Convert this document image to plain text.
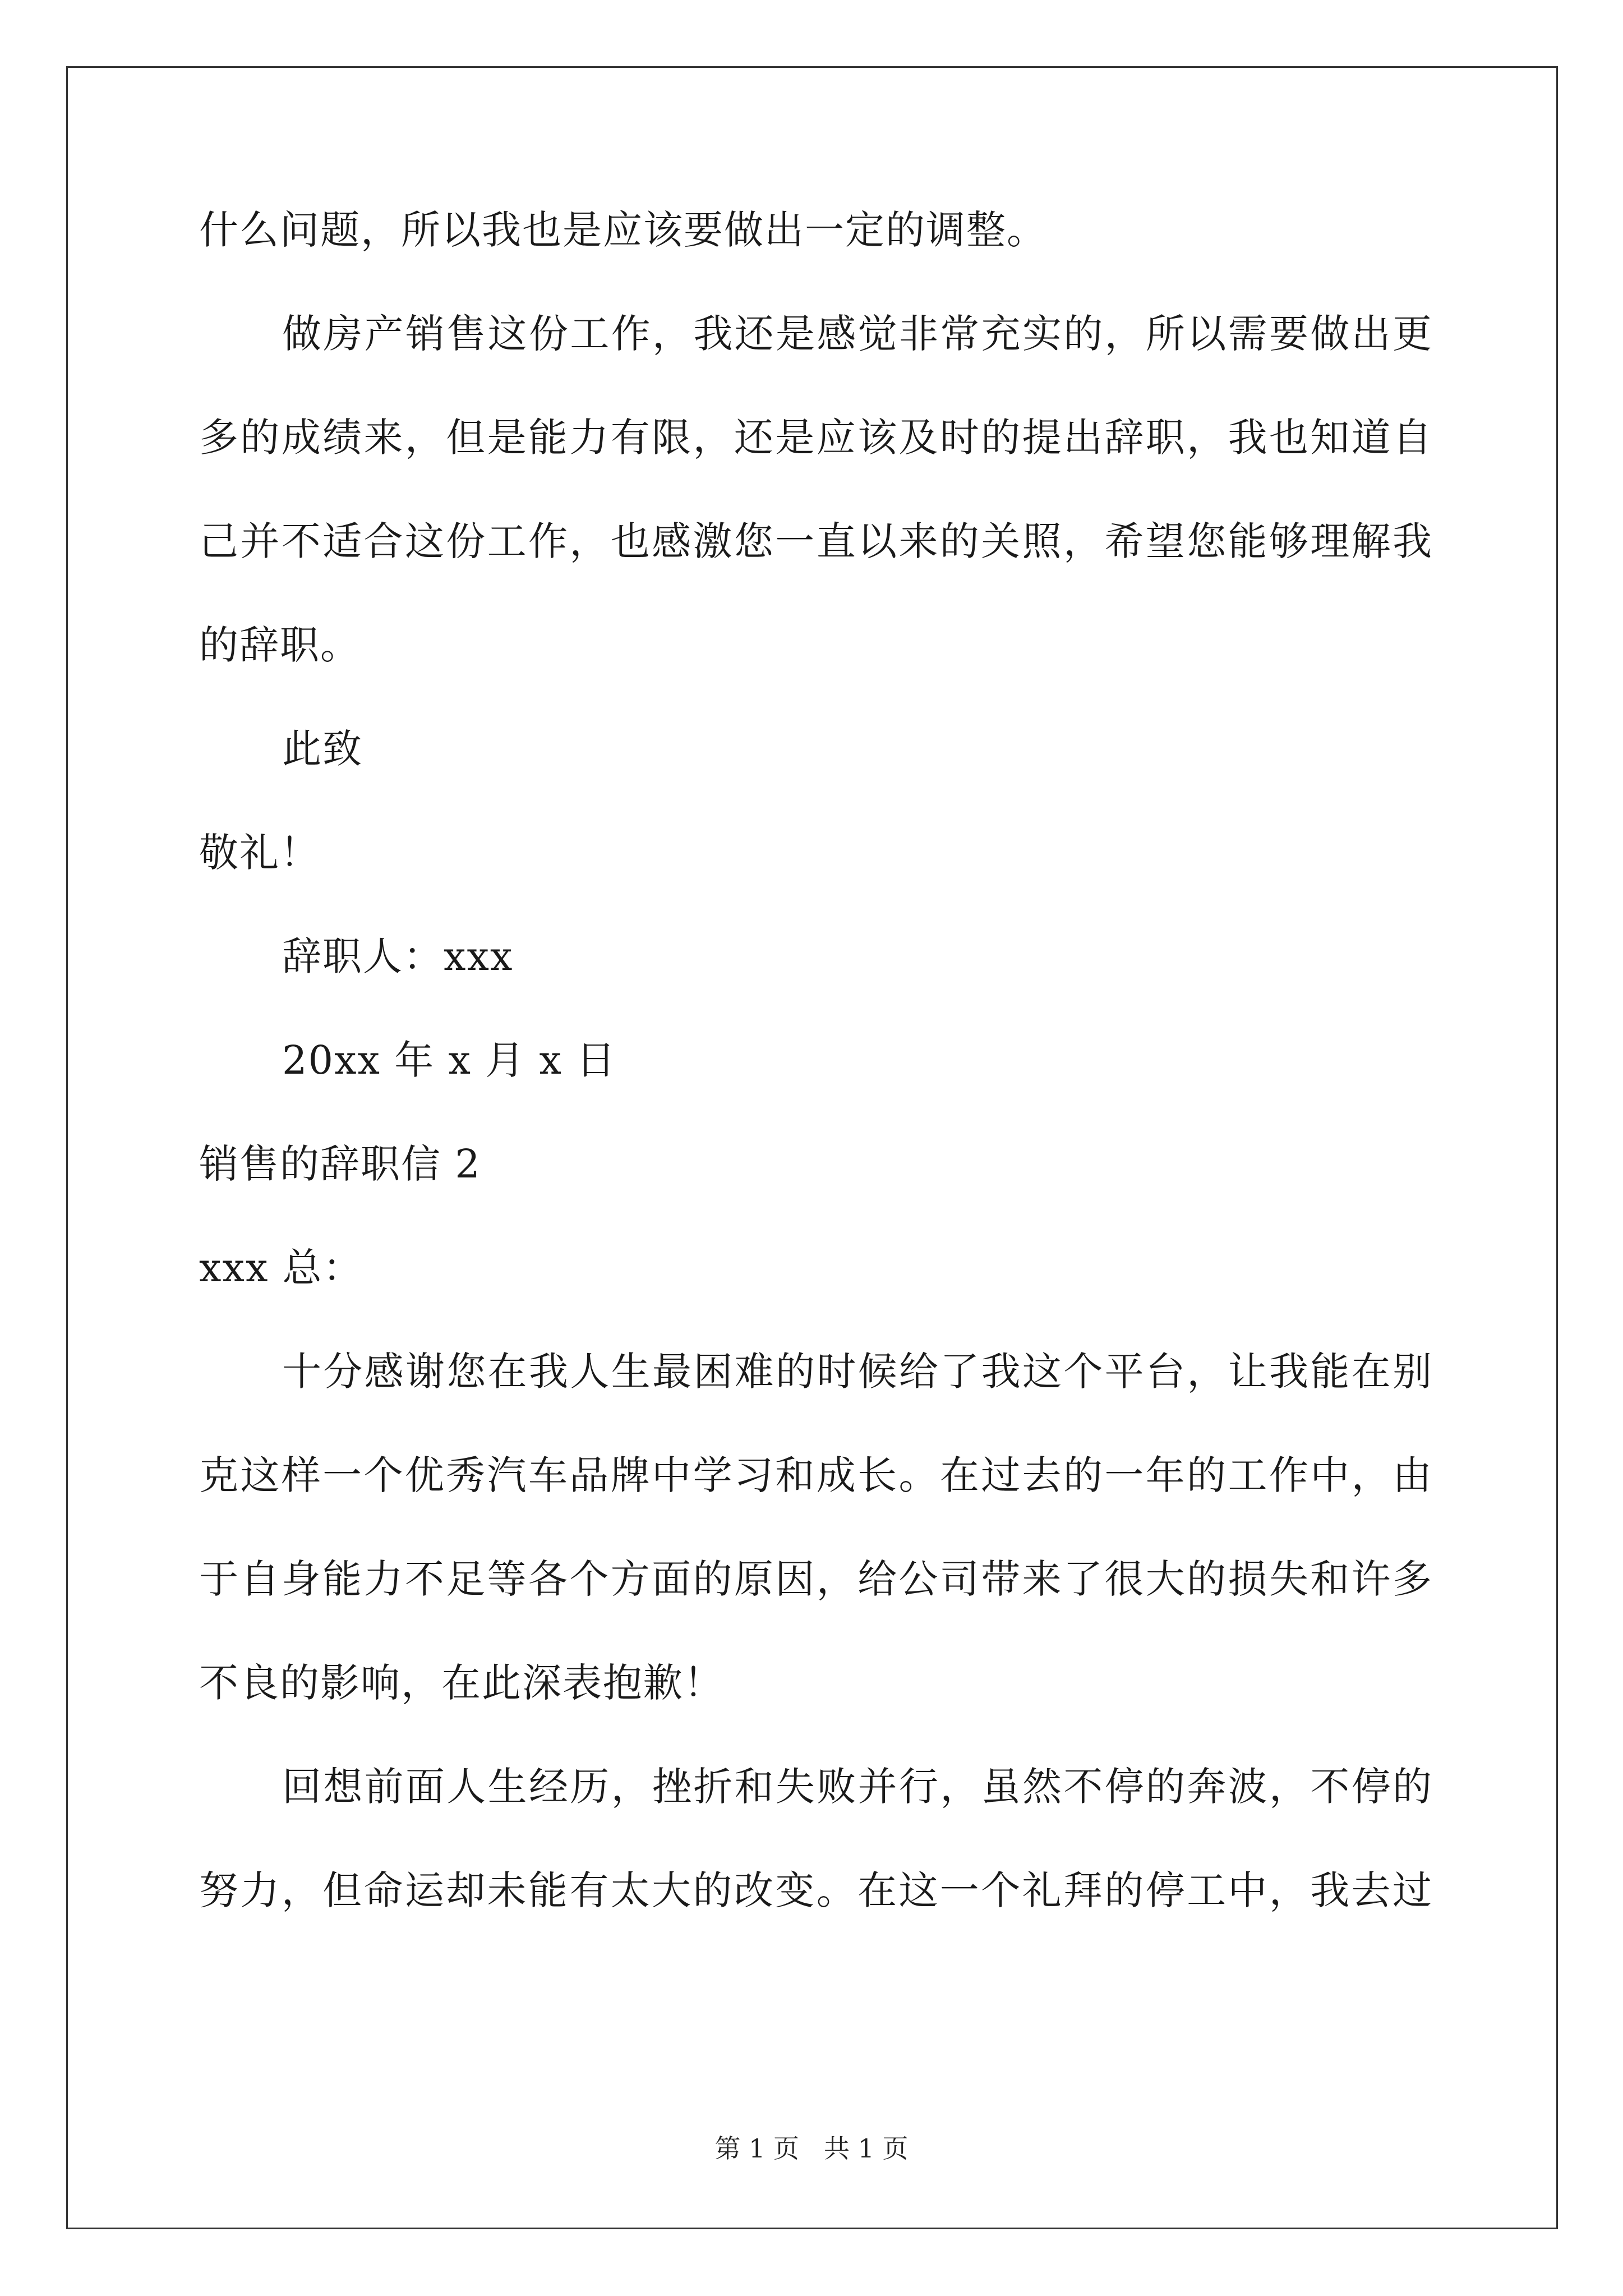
什么问题，所以我也是应该要做出一定的调整。
做房产销售这份工作，我还是感觉非常充实的，所以需要做出更
多的成绩来，但是能力有限，还是应该及时的提出辞职，我也知道自
己并不适合这份工作，也感激您一直以来的关照，希望您能够理解我
的辞职。
此致
敬礼！
辞职人：xxx
20xx 年 x 月 x 日
销售的辞职信 2
xxx 总：
十分感谢您在我人生最困难的时候给了我这个平台，让我能在别
克这样一个优秀汽车品牌中学习和成长。在过去的一年的工作中，由
于自身能力不足等各个方面的原因，给公司带来了很大的损失和许多
不良的影响，在此深表抱歉！
回想前面人生经历，挫折和失败并行，虽然不停的奔波，不停的
努力，但命运却未能有太大的改变。在这一个礼拜的停工中，我去过
第 1 页 共 1 页
